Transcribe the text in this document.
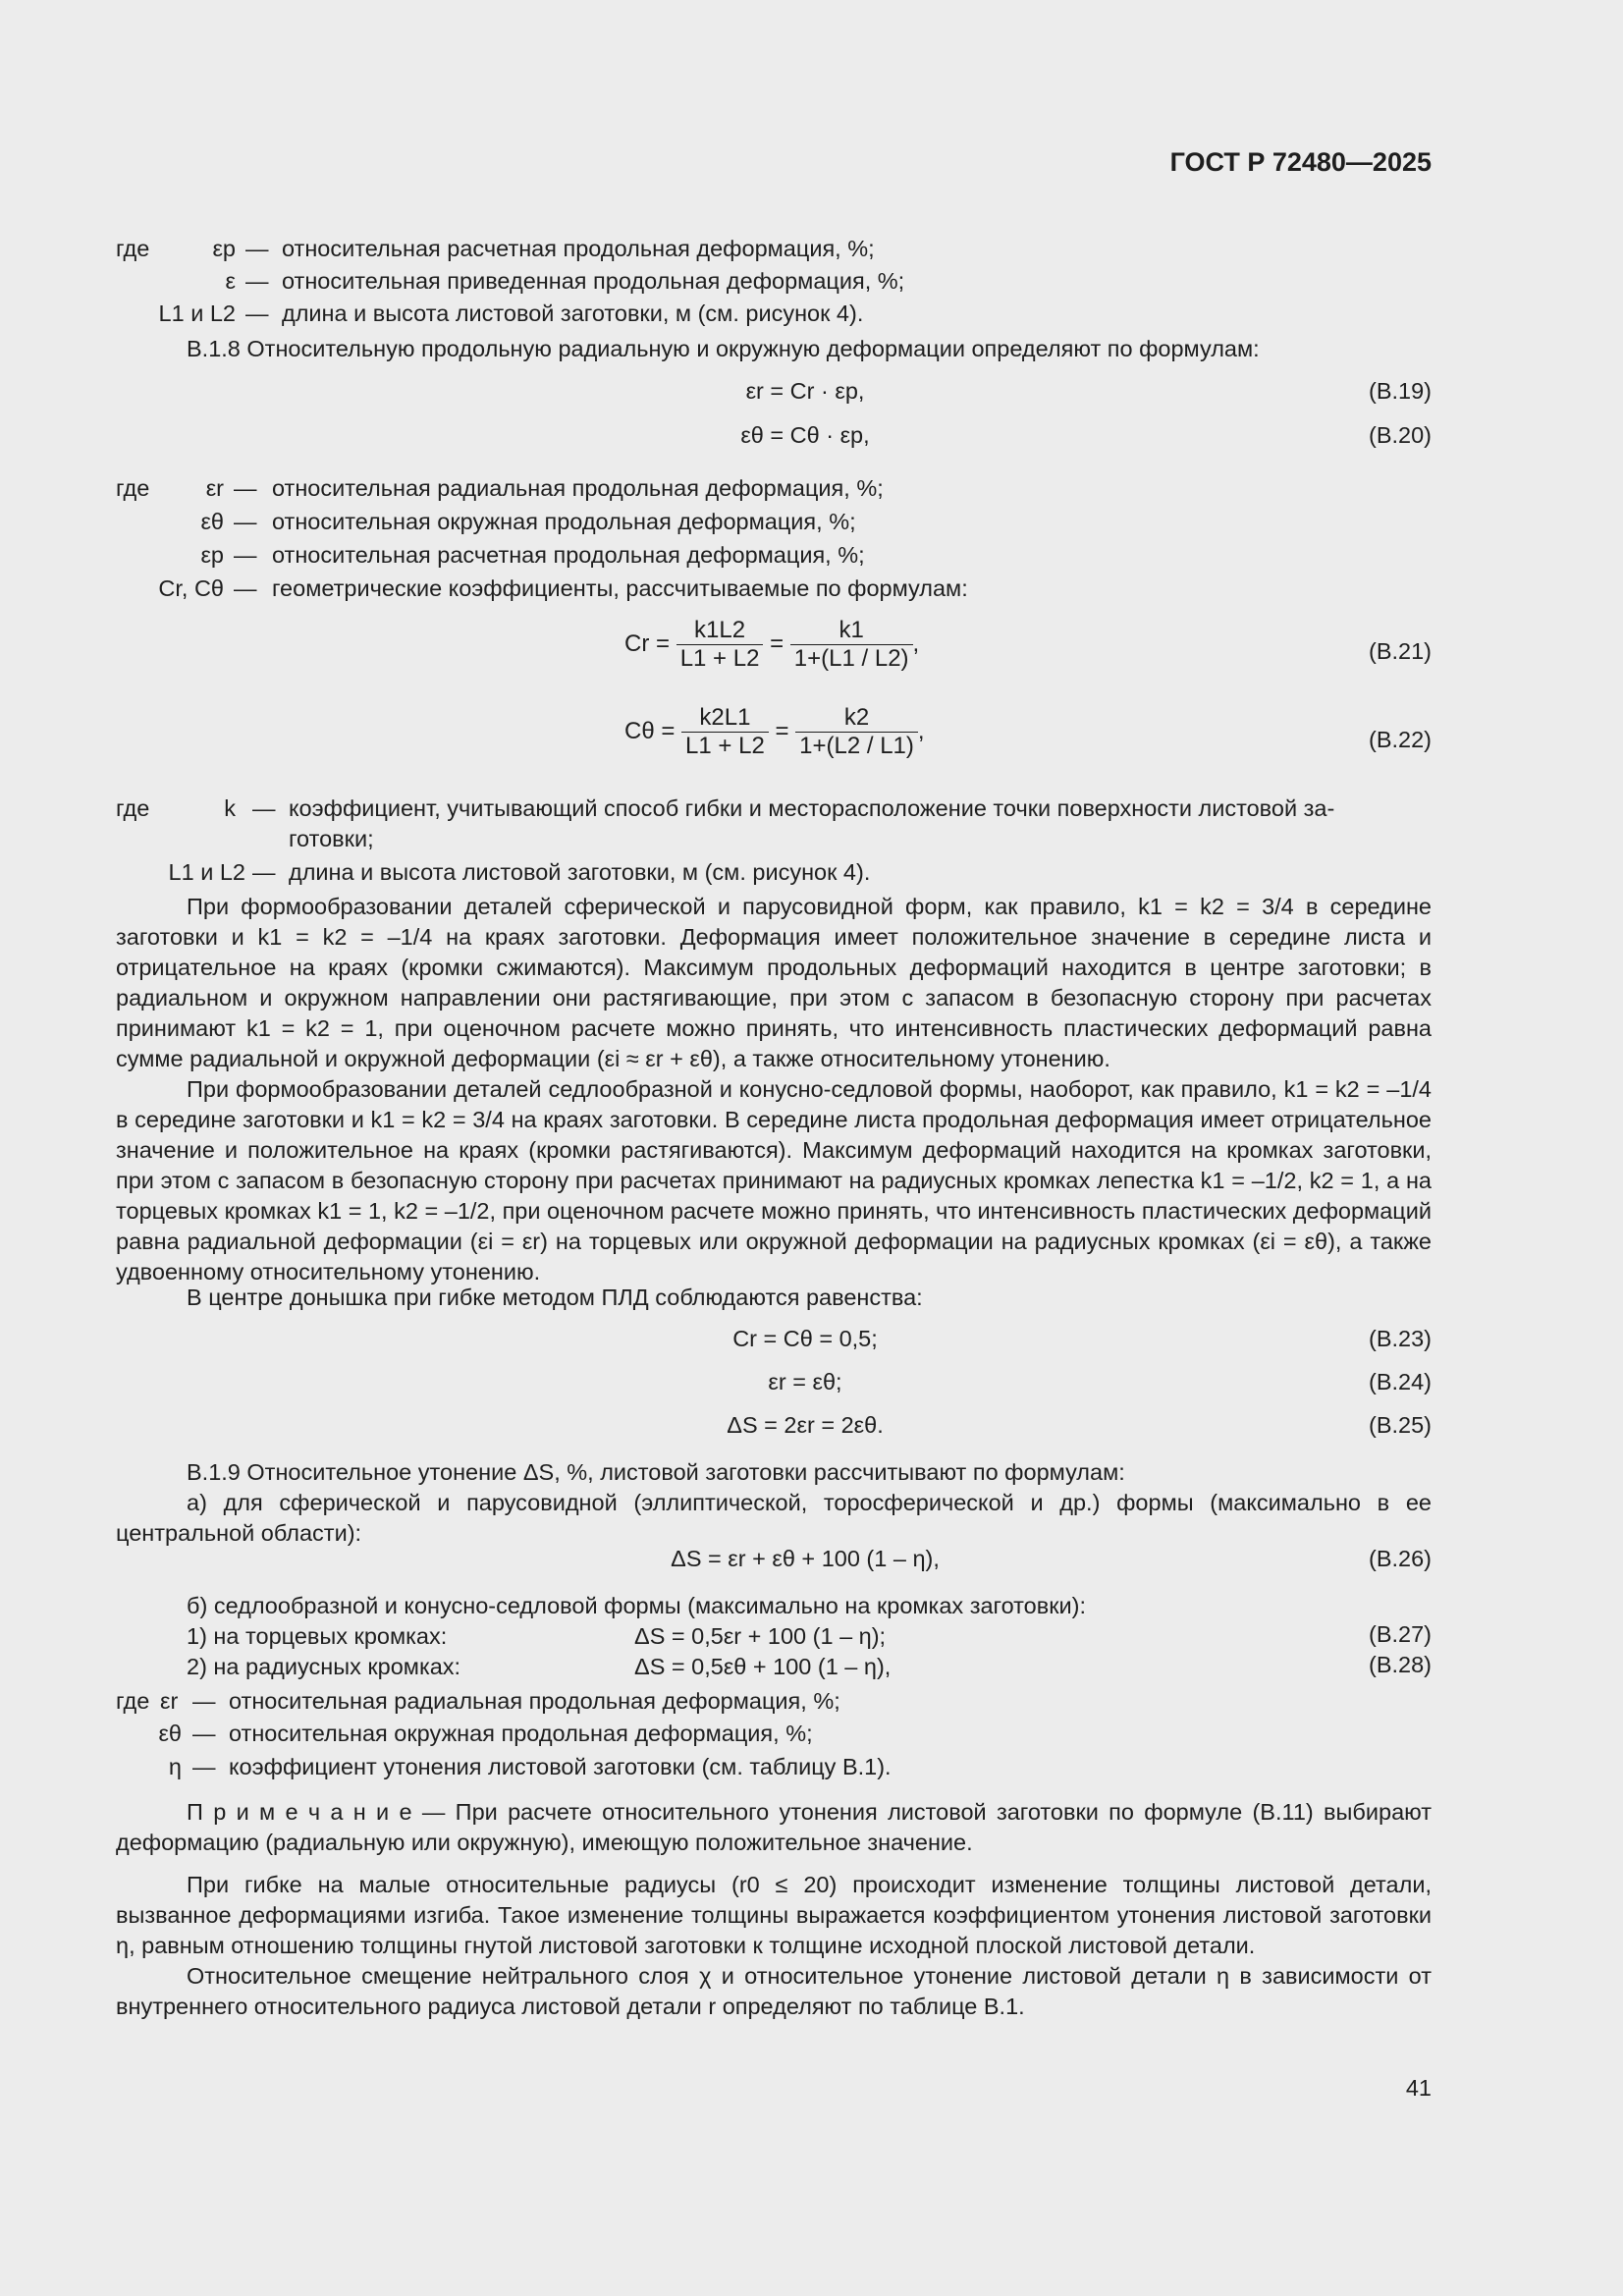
ГОСТ Р 72480—2025
где	εp — относительная расчетная продольная деформация, %;
ε — относительная приведенная продольная деформация, %;
L1 и L2 — длина и высота листовой заготовки, м (см. рисунок 4).
В.1.8 Относительную продольную радиальную и окружную деформации определяют по формулам:
εr = Cr · εp,	(В.19)
εθ = Cθ · εp,	(В.20)
где εr — относительная радиальная продольная деформация, %;
εθ — относительная окружная продольная деформация, %;
εp — относительная расчетная продольная деформация, %;
Cr, Cθ — геометрические коэффициенты, рассчитываемые по формулам:
$Cr = \frac{k1L2}{L1 + L2} = \frac{k1}{1+(L1 / L2)}$ ,	(В.21)
$C\theta = \frac{k2L1}{L1 + L2} = \frac{k2}{1+(L2 / L1)}$ ,	(В.22)
где	k — коэффициент, учитывающий способ гибки и месторасположение точки поверхности листовой за-
готовки;
L1 и L2 — длина и высота листовой заготовки, м (см. рисунок 4).
При формообразовании деталей сферической и парусовидной форм, как правило, k1 = k2 = 3/4 в середине заготовки и k1 = k2 = –1/4 на краях заготовки. Деформация имеет положительное значение в середине листа и отрицательное на краях (кромки сжимаются). Максимум продольных деформаций находится в центре заготовки; в радиальном и окружном направлении они растягивающие, при этом с запасом в безопасную сторону при расчетах принимают k1 = k2 = 1, при оценочном расчете можно принять, что интенсивность пластических деформаций равна сумме радиальной и окружной деформации (εi ≈ εr + εθ), а также относительному утонению.
При формообразовании деталей седлообразной и конусно-седловой формы, наоборот, как правило, k1 = k2 = –1/4 в середине заготовки и k1 = k2 = 3/4 на краях заготовки. В середине листа продольная деформация имеет отрицательное значение и положительное на краях (кромки растягиваются). Максимум деформаций находится на кромках заготовки, при этом с запасом в безопасную сторону при расчетах принимают на радиусных кромках лепестка k1 = –1/2, k2 = 1, а на торцевых кромках k1 = 1, k2 = –1/2, при оценочном расчете можно принять, что интенсивность пластических деформаций равна радиальной деформации (εi = εr) на торцевых или окружной деформации на радиусных кромках (εi = εθ), а также удвоенному относительному утонению.
В центре донышка при гибке методом ПЛД соблюдаются равенства:
Cr = Cθ = 0,5;	(В.23)
εr = εθ;	(В.24)
ΔS = 2εr = 2εθ.	(В.25)
В.1.9 Относительное утонение ΔS, %, листовой заготовки рассчитывают по формулам:
а) для сферической и парусовидной (эллиптической, торосферической и др.) формы (максимально в ее центральной области):
ΔS = εr + εθ + 100 (1 – η),	(В.26)
б) седлообразной и конусно-седловой формы (максимально на кромках заготовки):
1) на торцевых кромках:	ΔS = 0,5εr + 100 (1 – η);	(В.27)
2) на радиусных кромках:	ΔS = 0,5εθ + 100 (1 – η),	(В.28)
где εr — относительная радиальная продольная деформация, %;
εθ — относительная окружная продольная деформация, %;
η — коэффициент утонения листовой заготовки (см. таблицу В.1).
П р и м е ч а н и е — При расчете относительного утонения листовой заготовки по формуле (В.11) выбирают деформацию (радиальную или окружную), имеющую положительное значение.
При гибке на малые относительные радиусы (r0 ≤ 20) происходит изменение толщины листовой детали, вызванное деформациями изгиба. Такое изменение толщины выражается коэффициентом утонения листовой заготовки η, равным отношению толщины гнутой листовой заготовки к толщине исходной плоской листовой детали.
Относительное смещение нейтрального слоя χ и относительное утонение листовой детали η в зависимости от внутреннего относительного радиуса листовой детали r определяют по таблице В.1.
41
